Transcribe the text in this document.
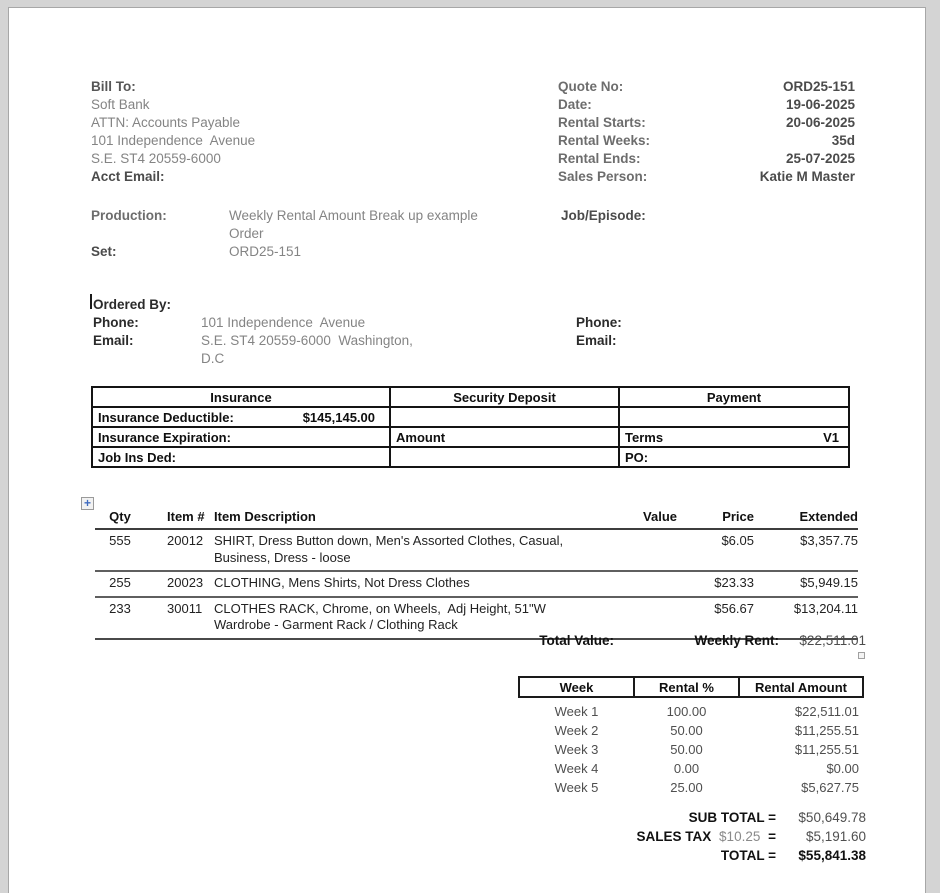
Bill To:
Soft Bank
ATTN: Accounts Payable
101 Independence  Avenue
S.E. ST4 20559-6000
Acct Email:
Quote No:	ORD25-151
Date:	19-06-2025
Rental Starts:	20-06-2025
Rental Weeks:	35d
Rental Ends:	25-07-2025
Sales Person:	Katie M Master
Production:	Weekly Rental Amount Break up example
Order
Job/Episode:
Set:	ORD25-151
Ordered By:
Phone:	101 Independence  Avenue
Email:	S.E. ST4 20559-6000  Washington,
D.C
Phone:
Email:
Insurance	Security Deposit	Payment

Insurance Deductible: $145,145.00		

Insurance Expiration:	Amount	Terms V1

Job Ins Ded:		PO:
+
Qty	Item #	Item Description	Value	Price	Extended
555	20012	SHIRT, Dress Button down, Men's Assorted Clothes, Casual,
Business, Dress - loose		$6.05	$3,357.75
255	20023	CLOTHING, Mens Shirts, Not Dress Clothes		$23.33	$5,949.15
233	30011	CLOTHES RACK, Chrome, on Wheels,  Adj Height, 51"W
Wardrobe - Garment Rack / Clothing Rack		$56.67	$13,204.11
Total Value:	Weekly Rent:	$22,511.01
Week	Rental %	Rental Amount
Week 1	100.00	$22,511.01
Week 2	50.00	$11,255.51
Week 3	50.00	$11,255.51
Week 4	0.00	$0.00
Week 5	25.00	$5,627.75
SUB TOTAL =	$50,649.78
SALES TAX $10.25 =	$5,191.60
TOTAL =	$55,841.38
